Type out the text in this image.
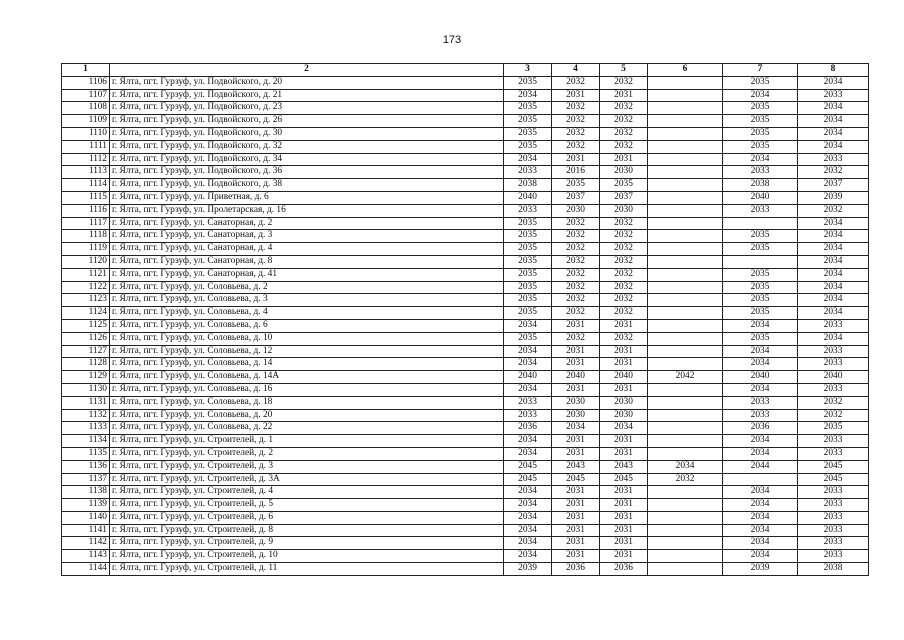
173
1	2	3	4	5	6	7	8
1106	г. Ялта, пгт. Гурзуф, ул. Подвойского, д. 20	2035	2032	2032		2035	2034
1107	г. Ялта, пгт. Гурзуф, ул. Подвойского, д. 21	2034	2031	2031		2034	2033
1108	г. Ялта, пгт. Гурзуф, ул. Подвойского, д. 23	2035	2032	2032		2035	2034
1109	г. Ялта, пгт. Гурзуф, ул. Подвойского, д. 26	2035	2032	2032		2035	2034
1110	г. Ялта, пгт. Гурзуф, ул. Подвойского, д. 30	2035	2032	2032		2035	2034
1111	г. Ялта, пгт. Гурзуф, ул. Подвойского, д. 32	2035	2032	2032		2035	2034
1112	г. Ялта, пгт. Гурзуф, ул. Подвойского, д. 34	2034	2031	2031		2034	2033
1113	г. Ялта, пгт. Гурзуф, ул. Подвойского, д. 36	2033	2016	2030		2033	2032
1114	г. Ялта, пгт. Гурзуф, ул. Подвойского, д. 38	2038	2035	2035		2038	2037
1115	г. Ялта, пгт. Гурзуф, ул. Приветная, д. 6	2040	2037	2037		2040	2039
1116	г. Ялта, пгт. Гурзуф, ул. Пролетарская, д. 16	2033	2030	2030		2033	2032
1117	г. Ялта, пгт. Гурзуф, ул. Санаторная, д. 2	2035	2032	2032			2034
1118	г. Ялта, пгт. Гурзуф, ул. Санаторная, д. 3	2035	2032	2032		2035	2034
1119	г. Ялта, пгт. Гурзуф, ул. Санаторная, д. 4	2035	2032	2032		2035	2034
1120	г. Ялта, пгт. Гурзуф, ул. Санаторная, д. 8	2035	2032	2032			2034
1121	г. Ялта, пгт. Гурзуф, ул. Санаторная, д. 41	2035	2032	2032		2035	2034
1122	г. Ялта, пгт. Гурзуф, ул. Соловьева, д. 2	2035	2032	2032		2035	2034
1123	г. Ялта, пгт. Гурзуф, ул. Соловьева, д. 3	2035	2032	2032		2035	2034
1124	г. Ялта, пгт. Гурзуф, ул. Соловьева, д. 4	2035	2032	2032		2035	2034
1125	г. Ялта, пгт. Гурзуф, ул. Соловьева, д. 6	2034	2031	2031		2034	2033
1126	г. Ялта, пгт. Гурзуф, ул. Соловьева, д. 10	2035	2032	2032		2035	2034
1127	г. Ялта, пгт. Гурзуф, ул. Соловьева, д. 12	2034	2031	2031		2034	2033
1128	г. Ялта, пгт. Гурзуф, ул. Соловьева, д. 14	2034	2031	2031		2034	2033
1129	г. Ялта, пгт. Гурзуф, ул. Соловьева, д. 14А	2040	2040	2040	2042	2040	2040
1130	г. Ялта, пгт. Гурзуф, ул. Соловьева, д. 16	2034	2031	2031		2034	2033
1131	г. Ялта, пгт. Гурзуф, ул. Соловьева, д. 18	2033	2030	2030		2033	2032
1132	г. Ялта, пгт. Гурзуф, ул. Соловьева, д. 20	2033	2030	2030		2033	2032
1133	г. Ялта, пгт. Гурзуф, ул. Соловьева, д. 22	2036	2034	2034		2036	2035
1134	г. Ялта, пгт. Гурзуф, ул. Строителей, д. 1	2034	2031	2031		2034	2033
1135	г. Ялта, пгт. Гурзуф, ул. Строителей, д. 2	2034	2031	2031		2034	2033
1136	г. Ялта, пгт. Гурзуф, ул. Строителей, д. 3	2045	2043	2043	2034	2044	2045
1137	г. Ялта, пгт. Гурзуф, ул. Строителей, д. 3А	2045	2045	2045	2032		2045
1138	г. Ялта, пгт. Гурзуф, ул. Строителей, д. 4	2034	2031	2031		2034	2033
1139	г. Ялта, пгт. Гурзуф, ул. Строителей, д. 5	2034	2031	2031		2034	2033
1140	г. Ялта, пгт. Гурзуф, ул. Строителей, д. 6	2034	2031	2031		2034	2033
1141	г. Ялта, пгт. Гурзуф, ул. Строителей, д. 8	2034	2031	2031		2034	2033
1142	г. Ялта, пгт. Гурзуф, ул. Строителей, д. 9	2034	2031	2031		2034	2033
1143	г. Ялта, пгт. Гурзуф, ул. Строителей, д. 10	2034	2031	2031		2034	2033
1144	г. Ялта, пгт. Гурзуф, ул. Строителей, д. 11	2039	2036	2036		2039	2038
